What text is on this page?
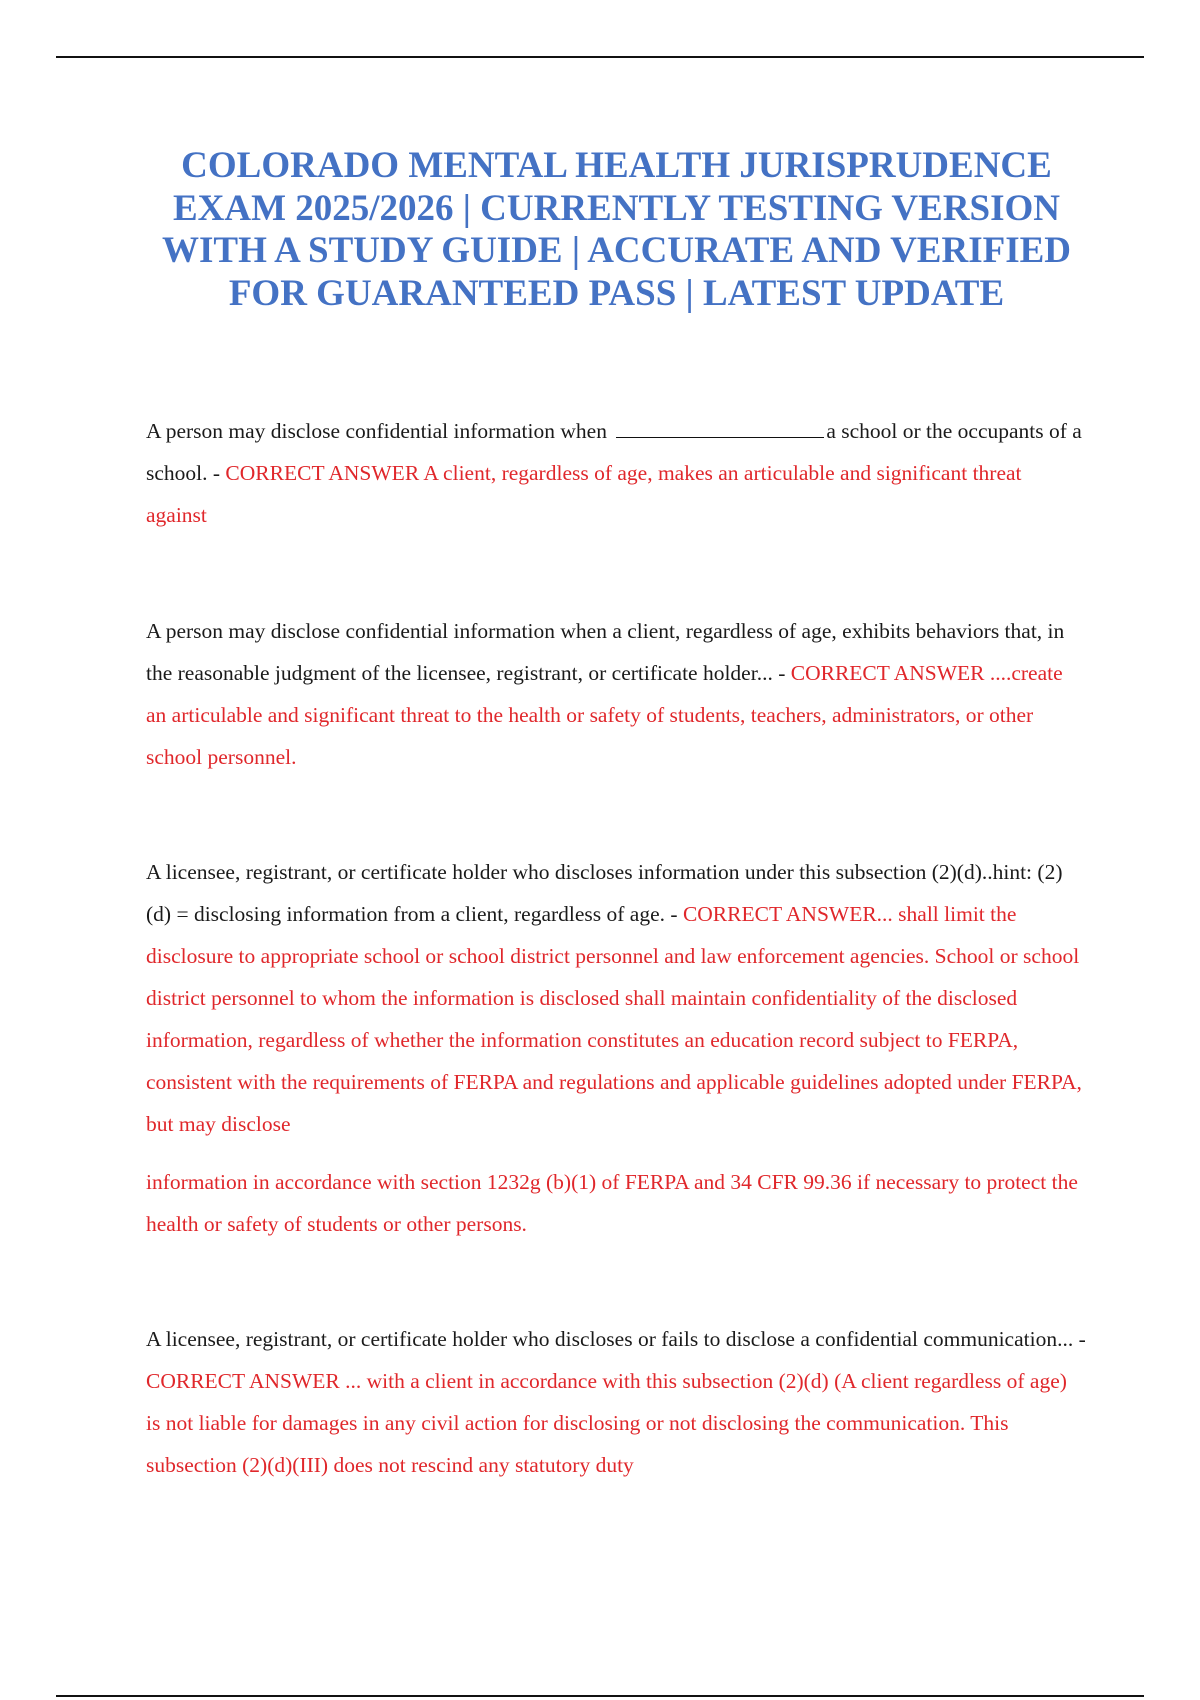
COLORADO MENTAL HEALTH JURISPRUDENCE EXAM 2025/2026 | CURRENTLY TESTING VERSION WITH A STUDY GUIDE | ACCURATE AND VERIFIED FOR GUARANTEED PASS | LATEST UPDATE

A person may disclose confidential information when	a school or the occupants of a school. - CORRECT ANSWER A client, regardless of age, makes an articulable and significant threat against

A person may disclose confidential information when a client, regardless of age, exhibits behaviors that, in the reasonable judgment of the licensee, registrant, or certificate holder... - CORRECT ANSWER ....create an articulable and significant threat to the health or safety of students, teachers, administrators, or other school personnel.

A licensee, registrant, or certificate holder who discloses information under this subsection (2)(d)..hint: (2)(d) = disclosing information from a client, regardless of age. - CORRECT ANSWER... shall limit the disclosure to appropriate school or school district personnel and law enforcement agencies. School or school district personnel to whom the information is disclosed shall maintain confidentiality of the disclosed information, regardless of whether the information constitutes an education record subject to FERPA, consistent with the requirements of FERPA and regulations and applicable guidelines adopted under FERPA, but may disclose
information in accordance with section 1232g (b)(1) of FERPA and 34 CFR 99.36 if necessary to protect the health or safety of students or other persons.

A licensee, registrant, or certificate holder who discloses or fails to disclose a confidential communication... - CORRECT ANSWER ... with a client in accordance with this subsection (2)(d) (A client regardless of age) is not liable for damages in any civil action for disclosing or not disclosing the communication. This subsection (2)(d)(III) does not rescind any statutory duty
